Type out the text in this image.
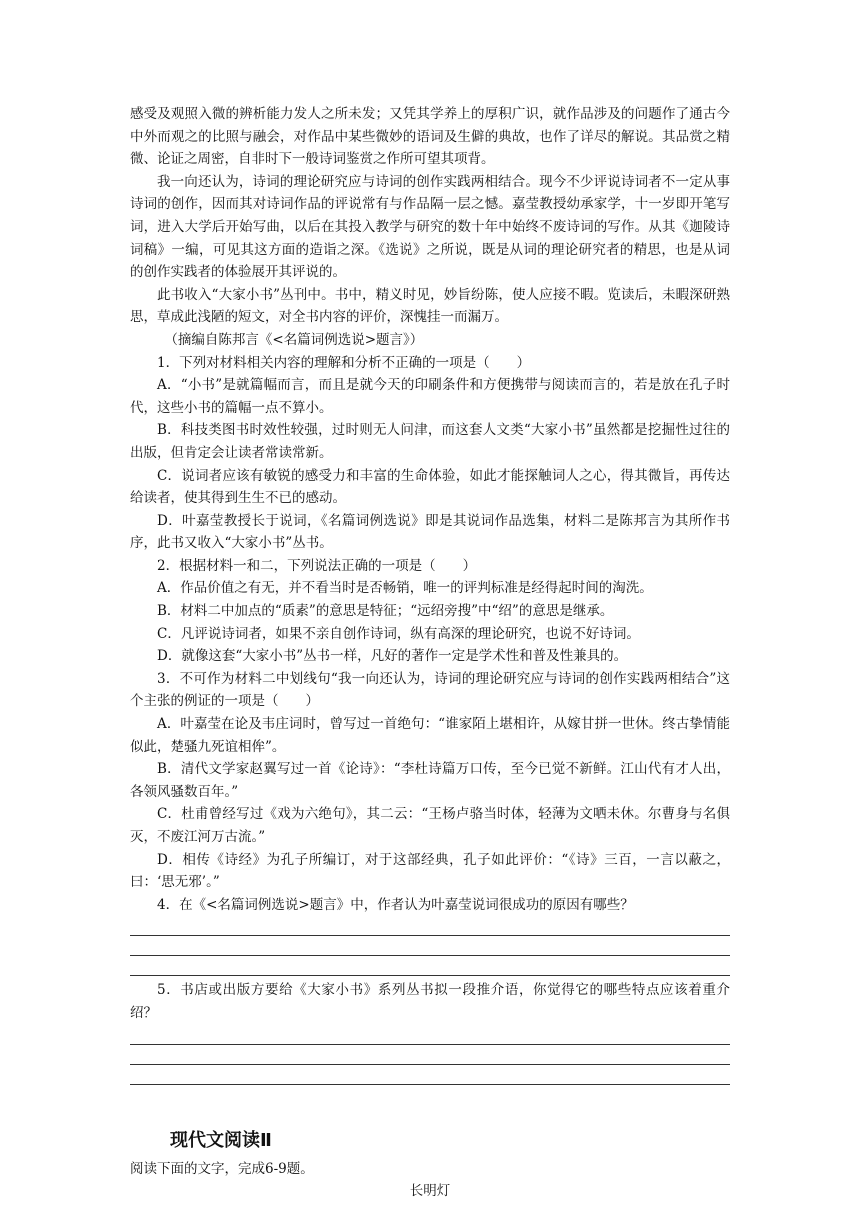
感受及观照入微的辨析能力发人之所未发；又凭其学养上的厚积广识，就作品涉及的问题作了通古今中外而观之的比照与融会，对作品中某些微妙的语词及生僻的典故，也作了详尽的解说。其品赏之精微、论证之周密，自非时下一般诗词鉴赏之作所可望其项背。

我一向还认为，诗词的理论研究应与诗词的创作实践两相结合。现今不少评说诗词者不一定从事诗词的创作，因而其对诗词作品的评说常有与作品隔一层之憾。嘉莹教授幼承家学，十一岁即开笔写词，进入大学后开始写曲，以后在其投入教学与研究的数十年中始终不废诗词的写作。从其《迦陵诗词稿》一编，可见其这方面的造诣之深。《选说》之所说，既是从词的理论研究者的精思，也是从词的创作实践者的体验展开其评说的。

此书收入“大家小书”丛刊中。书中，精义时见，妙旨纷陈，使人应接不暇。览读后，未暇深研熟思，草成此浅陋的短文，对全书内容的评价，深愧挂一而漏万。

（摘编自陈邦言《<名篇词例选说>题言》）

1．下列对材料相关内容的理解和分析不正确的一项是（　　）

A．“小书”是就篇幅而言，而且是就今天的印刷条件和方便携带与阅读而言的，若是放在孔子时代，这些小书的篇幅一点不算小。

B．科技类图书时效性较强，过时则无人问津，而这套人文类“大家小书”虽然都是挖掘性过往的出版，但肯定会让读者常读常新。

C．说词者应该有敏锐的感受力和丰富的生命体验，如此才能探触词人之心，得其微旨，再传达给读者，使其得到生生不已的感动。

D．叶嘉莹教授长于说词，《名篇词例选说》即是其说词作品选集，材料二是陈邦言为其所作书序，此书又收入“大家小书”丛书。

2．根据材料一和二，下列说法正确的一项是（　　）

A．作品价值之有无，并不看当时是否畅销，唯一的评判标准是经得起时间的淘洗。

B．材料二中加点的“质素”的意思是特征；“远绍旁搜”中“绍”的意思是继承。

C．凡评说诗词者，如果不亲自创作诗词，纵有高深的理论研究，也说不好诗词。

D．就像这套“大家小书”丛书一样，凡好的著作一定是学术性和普及性兼具的。

3．不可作为材料二中划线句“我一向还认为，诗词的理论研究应与诗词的创作实践两相结合”这个主张的例证的一项是（　　）

A．叶嘉莹在论及韦庄词时，曾写过一首绝句：“谁家陌上堪相许，从嫁甘拼一世休。终古挚情能似此，楚骚九死谊相侔”。

B．清代文学家赵翼写过一首《论诗》：“李杜诗篇万口传，至今已觉不新鲜。江山代有才人出，各领风骚数百年。”

C．杜甫曾经写过《戏为六绝句》，其二云：“王杨卢骆当时体，轻薄为文哂未休。尔曹身与名俱灭，不废江河万古流。”

D．相传《诗经》为孔子所编订，对于这部经典，孔子如此评价：“《诗》三百，一言以蔽之，曰：‘思无邪’。”

4．在《<名篇词例选说>题言》中，作者认为叶嘉莹说词很成功的原因有哪些？

5．书店或出版方要给《大家小书》系列丛书拟一段推介语，你觉得它的哪些特点应该着重介绍？

现代文阅读Ⅱ

阅读下面的文字，完成6-9题。

长明灯
